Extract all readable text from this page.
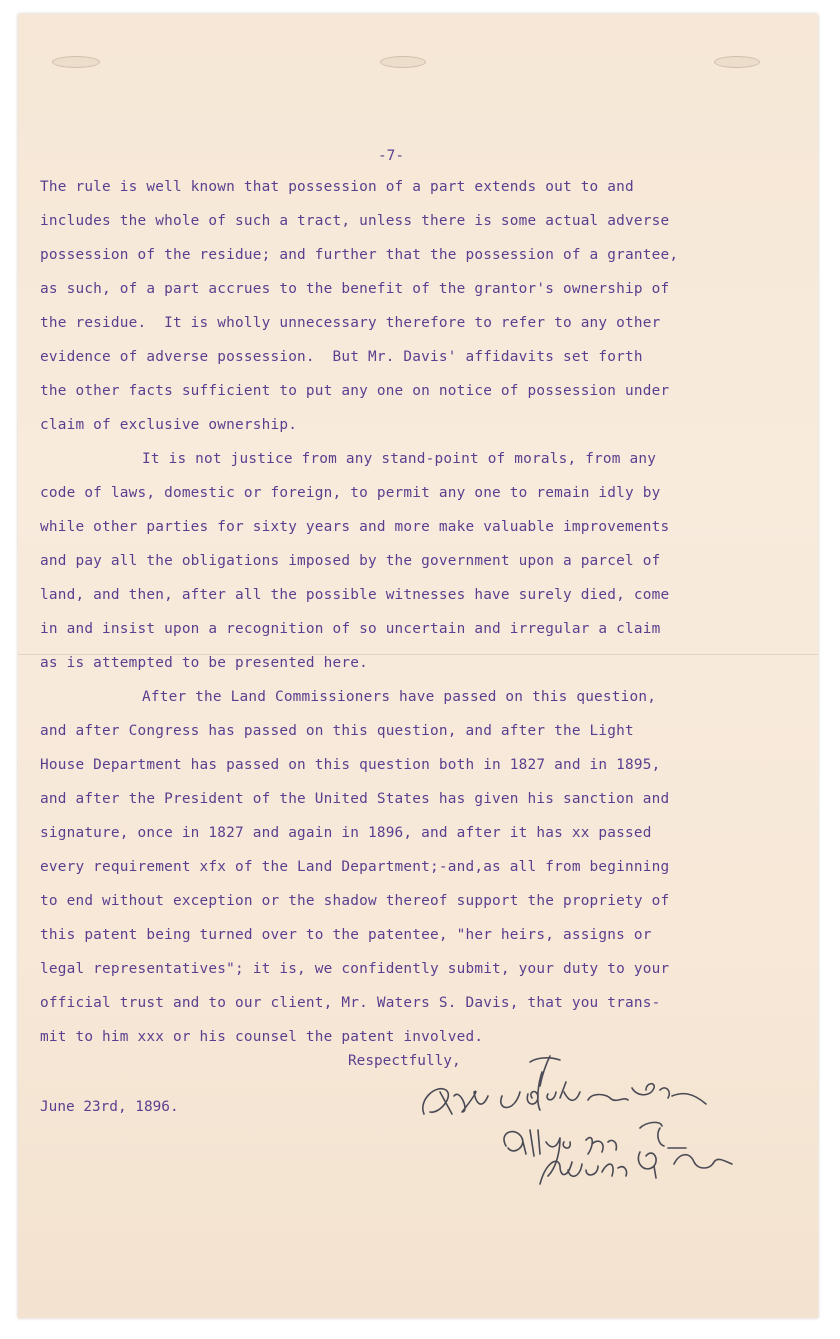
-7-
The rule is well known that possession of a part extends out to and
includes the whole of such a tract, unless there is some actual adverse
possession of the residue; and further that the possession of a grantee,
as such, of a part accrues to the benefit of the grantor's ownership of
the residue.  It is wholly unnecessary therefore to refer to any other
evidence of adverse possession.  But Mr. Davis' affidavits set forth
the other facts sufficient to put any one on notice of possession under
claim of exclusive ownership.
It is not justice from any stand-point of morals, from any
code of laws, domestic or foreign, to permit any one to remain idly by
while other parties for sixty years and more make valuable improvements
and pay all the obligations imposed by the government upon a parcel of
land, and then, after all the possible witnesses have surely died, come
in and insist upon a recognition of so uncertain and irregular a claim
as is attempted to be presented here.
After the Land Commissioners have passed on this question,
and after Congress has passed on this question, and after the Light
House Department has passed on this question both in 1827 and in 1895,
and after the President of the United States has given his sanction and
signature, once in 1827 and again in 1896, and after it has xx passed
every requirement xfx of the Land Department;-and,as all from beginning
to end without exception or the shadow thereof support the propriety of
this patent being turned over to the patentee, "her heirs, assigns or
legal representatives"; it is, we confidently submit, your duty to your
official trust and to our client, Mr. Waters S. Davis, that you trans-
mit to him xxx or his counsel the patent involved.
Respectfully,
June 23rd, 1896.
